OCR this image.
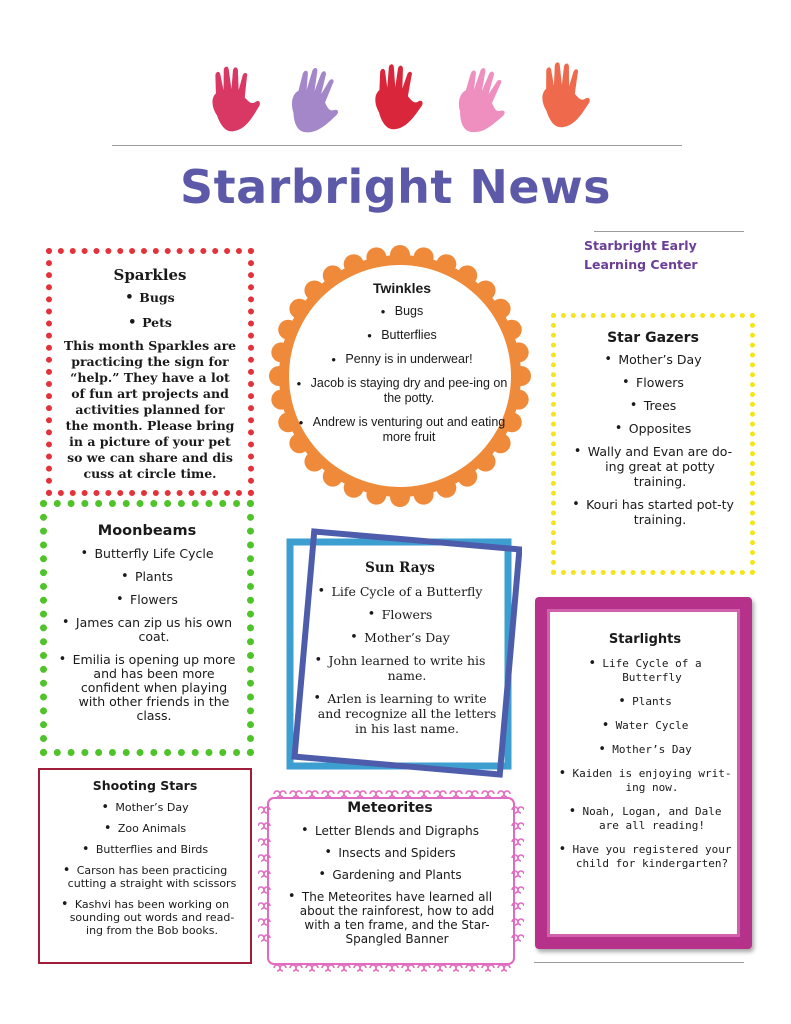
Starbright News
Starbright Early
Learning Center
Sparkles
• Bugs
• Pets
This month Sparkles are practicing the sign for “help.” They have a lot of fun art projects and activities planned for the month. Please bring in a picture of your pet so we can share and dis cuss at circle time.
Twinkles
• Bugs
• Butterflies
• Penny is in underwear!
• Jacob is staying dry and pee-ing on the potty.
• Andrew is venturing out and eating more fruit
Star Gazers
• Mother’s Day
• Flowers
• Trees
• Opposites
• Wally and Evan are do-ing great at potty training.
• Kouri has started pot-ty training.
Moonbeams
• Butterfly Life Cycle
• Plants
• Flowers
• James can zip us his own coat.
• Emilia is opening up more and has been more confident when playing with other friends in the class.
Sun Rays
• Life Cycle of a Butterfly
• Flowers
• Mother’s Day
• John learned to write his name.
• Arlen is learning to write and recognize all the letters in his last name.
Shooting Stars
• Mother’s Day
• Zoo Animals
• Butterflies and Birds
• Carson has been practicing cutting a straight with scissors
• Kashvi has been working on sounding out words and read-ing from the Bob books.
Meteorites
• Letter Blends and Digraphs
• Insects and Spiders
• Gardening and Plants
• The Meteorites have learned all about the rainforest, how to add with a ten frame, and the Star-Spangled Banner
Starlights
• Life Cycle of a Butterfly
• Plants
• Water Cycle
• Mother’s Day
• Kaiden is enjoying writ-ing now.
• Noah, Logan, and Dale are all reading!
• Have you registered your child for kindergarten?
